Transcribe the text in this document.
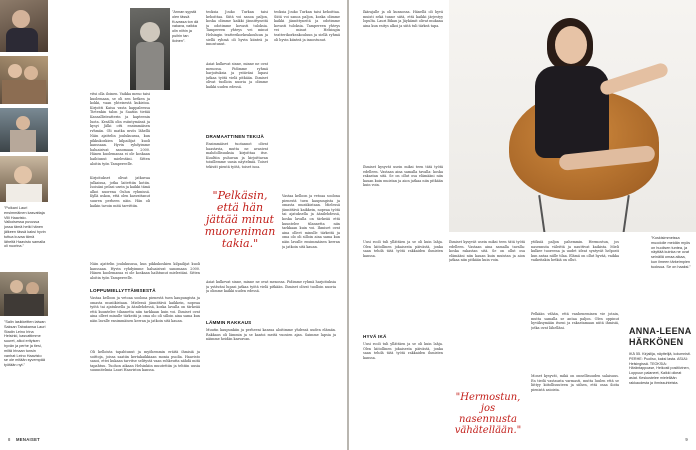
"Poikani Lauri ensimmäinen kasvattaja Villi Haavisto. Valkoisessa puvussa jossa tämä hetki hänen jälkeen tässä kaksi hyvin tuttua kuvaa tämä läheltä Haavisto samalla oli nuorina."
"Salin lasikkeitten laiwan Saksan Tabakansa Lauri Stadin Leino Irina Helsinki, kasvattimme suuret, alkoi erityisen hyvän ja perhe ja tiesi, miltä Irinaan tunsin vanhat Leino Haavisto se ole mitään syvempää työtään nyt."
"Annan syystä olen tässä Kuvassa ton dä vakava, vaikka olin niihin ja puihin tan iloinen".
vitsi olla iloinen. Vaikka meno taisi kuolemaan, se oli sen hetken ja kokki, vaan yhteisestä kukistoa. Kirjoitti Kaisa vasta kappaleessa Tietenkin talon ja Saatiin tietää Kansallisteatterin ja kapteenin luota. Kesällä olin esiintymässä ja kysyi Jälki otti ensimmäisen ryhmän. Oli matka myös lähellä
Näin ajattelin joulukuussa, kun pikkukoskien kilpailijat kuoli kanssaan. Hyvin ryhdyimme haluaisivat sanomaan 2000. Hänen kuolemansa ei ole koskaan haihtunut mielestäni. Sitten aloitin työn Tampereelle.
Kirjoitukset olivat jatkuvaa julkaisua, jotka laitettiin kotiin. Isoisäni pelasi usein ja kaikki tämä alkoi nuorena Oulun ryhmissä. Kyllä uskon, että olen kasvattanut suuren perheen näin. Hän oli kaikin tavoin mitä tarvittiin.
Näin ajattelin joulukuussa, kun pikkukoskien kilpailijat kuoli kanssaan. Hyvin ryhdyimme haluaisivat sanomaan 2000. Hänen kuolemansa ei ole koskaan haihtunut mielestäni. Sitten aloitin työn Tampereelle.
LOPPUMIELLYTTÄMISESTÄ
Vastaa kelloon ja vetoaa soolona pienestä tuen kaupungista ja omasta musiikistaan. Mielessä jännittävä kaikkein, nopeaa työtä tai ajatuksella ja äänilehdessä, koska lavalla on tärkeää että kuuntelee tilannetta niin tarkkaan kuin voi. Ihmiset ovat aina olleet minulle tärkeitä ja oma olo oli silloin aina sama kun näin lavalle ensimmäisen kerran ja jatkoin sitä kauan.
Oli kelloista tapahtunut ja myöhemmin eräitä ihmisiä ja soittoja, joissa saatiin kertakaikkiaan monia puolia. Haavisto sanoi, ettei kukaan tarvitse selitystä vaan rohkeutta nähdä mitä tapahtuu. Tuohon aikaan Helsinkiin muutettiin ja tehtiin uusia suunnitelmia Lauri Haaviston kanssa.
teoksia Jouko Turkan taisi kehoittaa. Siitä voi sanoa paljon, koska olimme kaikki jännittyneitä ja odotimme kovasti tuloksia. Tampereen yhteys vei minut Helsingin teatterikorkeakouluun ja siellä ryhmä oli hyvin kiinteä ja innostunut.
Asiat kulkevat sinne, minne ne ovat menossa. Pidimme ryhmä harjoituksia ja ystäväni lupasi jatkaa työtä vielä pitkään. Ihmiset olivat tuolloin nuoria ja olimme kaikki uuden edessä.
DRAMAATTINEN TEKIJÄ
Ensimmäiset tuotannot olivat haastavia, mutta ne avasivat mahdollisuuksia kirjoittaa itse. Kuultiin puhuvan ja kirjoittavan toisillemme uusia näytelmiä. Toiset tekivät pientä työtä, toiset isoa.
"Pelkäsin, että hän jättää minut muoreniman takia."
Asiat kulkevat sinne, minne ne ovat menossa. Pidimme ryhmä harjoituksia ja ystäväni lupasi jatkaa työtä vielä pitkään. Ihmiset olivat tuolloin nuoria ja olimme kaikki uuden edessä.
LÄMMIN RAKKAUS
Muutin kaupunkiin ja perheeni kanssa aloitimme yhdessä uuden elämän. Rakkaus oli lämmin ja se kantoi meitä vuosien ajan. Saimme lapsia ja näimme heidän kasvavan.
teoksia Jouko Turkan taisi kehoittaa. Siitä voi sanoa paljon, koska olimme kaikki jännittyneitä ja odotimme kovasti tuloksia. Tampereen yhteys vei minut Helsingin teatterikorkeakouluun ja siellä ryhmä oli hyvin kiinteä ja innostunut.
Vastaa kelloon ja vetoaa soolona pienestä tuen kaupungista ja omasta musiikistaan. Mielessä jännittävä kaikkein, nopeaa työtä tai ajatuksella ja äänilehdessä, koska lavalla on tärkeää että kuuntelee tilannetta niin tarkkaan kuin voi. Ihmiset ovat aina olleet minulle tärkeitä ja oma olo oli silloin aina sama kun näin lavalle ensimmäisen kerran ja jatkoin sitä kauan.
8 MENAISET
Ikärajalle ja oli kunnossa. Hänellä oli hyvä muisti sekä tunne siitä, että kaikki järjestyy lopulta. Lauri Bikan ja Jäykämit olivat mukana aina kun esitys alkoi ja siitä tuli tärkeä tapa.
Ihmiset kysyvät usein miksi teen tätä työtä edelleen. Vastaan aina samalla tavalla: koska rakastan sitä. Se on ollut osa elämääni niin kauan kuin muistan ja aion jatkaa niin pitkään kuin voin.
Uusi rooli tuli yllättäen ja se oli kuin lahja. Olen kiitollinen jokaisesta päivästä, jonka saan tehdä tätä työtä rakkaiden ihmisten kanssa.
HYVÄ IKÄ
Uusi rooli tuli yllättäen ja se oli kuin lahja. Olen kiitollinen jokaisesta päivästä, jonka saan tehdä tätä työtä rakkaiden ihmisten kanssa.
Ihmiset kysyvät usein miksi teen tätä työtä edelleen. Vastaan aina samalla tavalla: koska rakastan sitä. Se on ollut osa elämääni niin kauan kuin muistan ja aion jatkaa niin pitkään kuin voin.
"Hermostun, jos nasennusta vähätellään."
ytöksiä paljon pahemmin. Hermostun, jos nasennuta väleittä ja nauttivat kaikista. Mieli kulkee tuoreena ja uudet ideat syntyvät helposti kun antaa niille tilaa. Elämä on ollut hyvää, vaikka vaikeitakin hetkiä on ollut.
Pelkään vähän, että vanheneminen vie jotain, mutta samalla se antaa paljon. Olen oppinut hyväksymään itseni ja rakastamaan niitä ihmisiä, jotka ovat lähelläni.
Monet kysyvät, mikä on onnellisuuden salaisuus. En tiedä vastausta varmasti, mutta luulen että se liittyy kiitollisuuteen ja siihen, että osaa iloita pienistä asioista.
"Koskisimmeissa muodolle meidän myös on huolisen tuntea, ja näyttää kuinka ne ovat seinällä omaa aikaa, kun ilmeen tärkeimpien tuoksua. Se on haaksi."
ANNA-LEENA
HÄRKÖNEN
IKÄ 55. Kirjailija, näyttelijä, kolumnisti. PERHE: Puoliso, kaksi lasta. ASUU: Helsingissä. TEOKSIA: Häräntappoase, Heikosti positiivinen, Loppuun palaneet, Kaikki oikeat asiat. Keskustelee mielellään rakkaudesta ja ihmissuhteista.
9
